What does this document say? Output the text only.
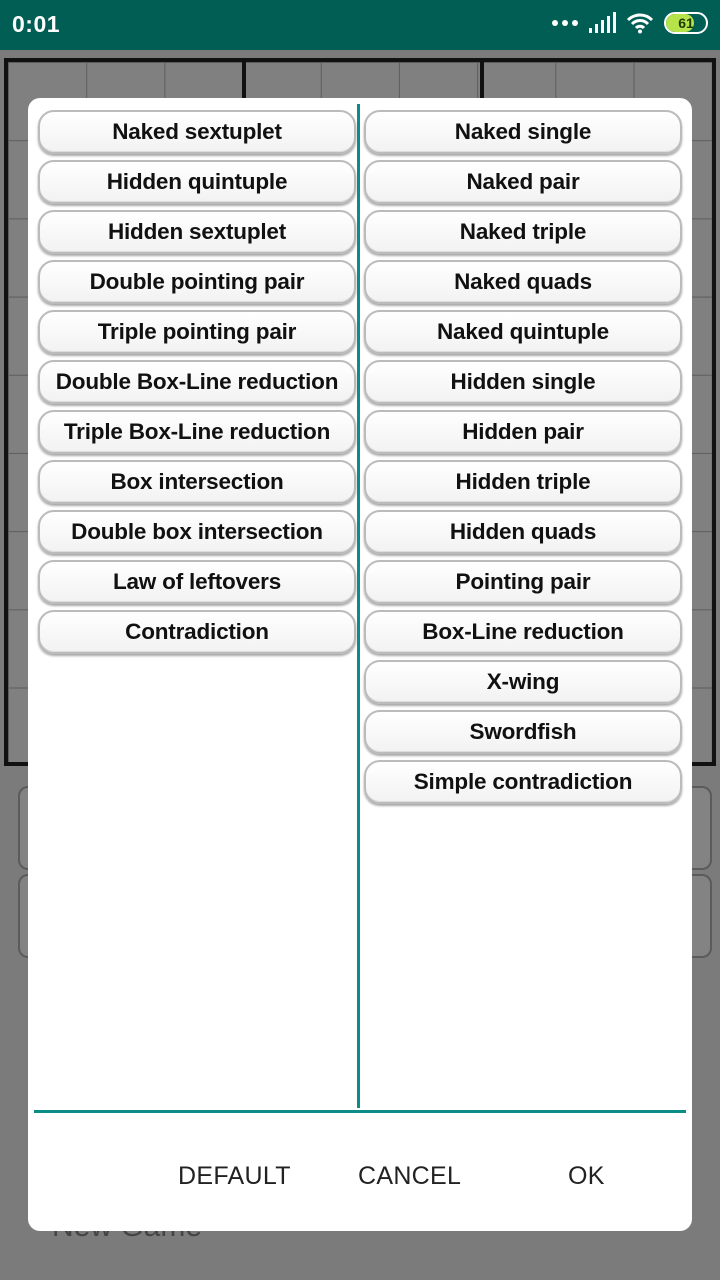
0:01	61
Naked sextuplet
Hidden quintuple
Hidden sextuplet
Double pointing pair
Triple pointing pair
Double Box-Line reduction
Triple Box-Line reduction
Box intersection
Double box intersection
Law of leftovers
Contradiction
Naked single
Naked pair
Naked triple
Naked quads
Naked quintuple
Hidden single
Hidden pair
Hidden triple
Hidden quads
Pointing pair
Box-Line reduction
X-wing
Swordfish
Simple contradiction
DEFAULT	CANCEL	OK
